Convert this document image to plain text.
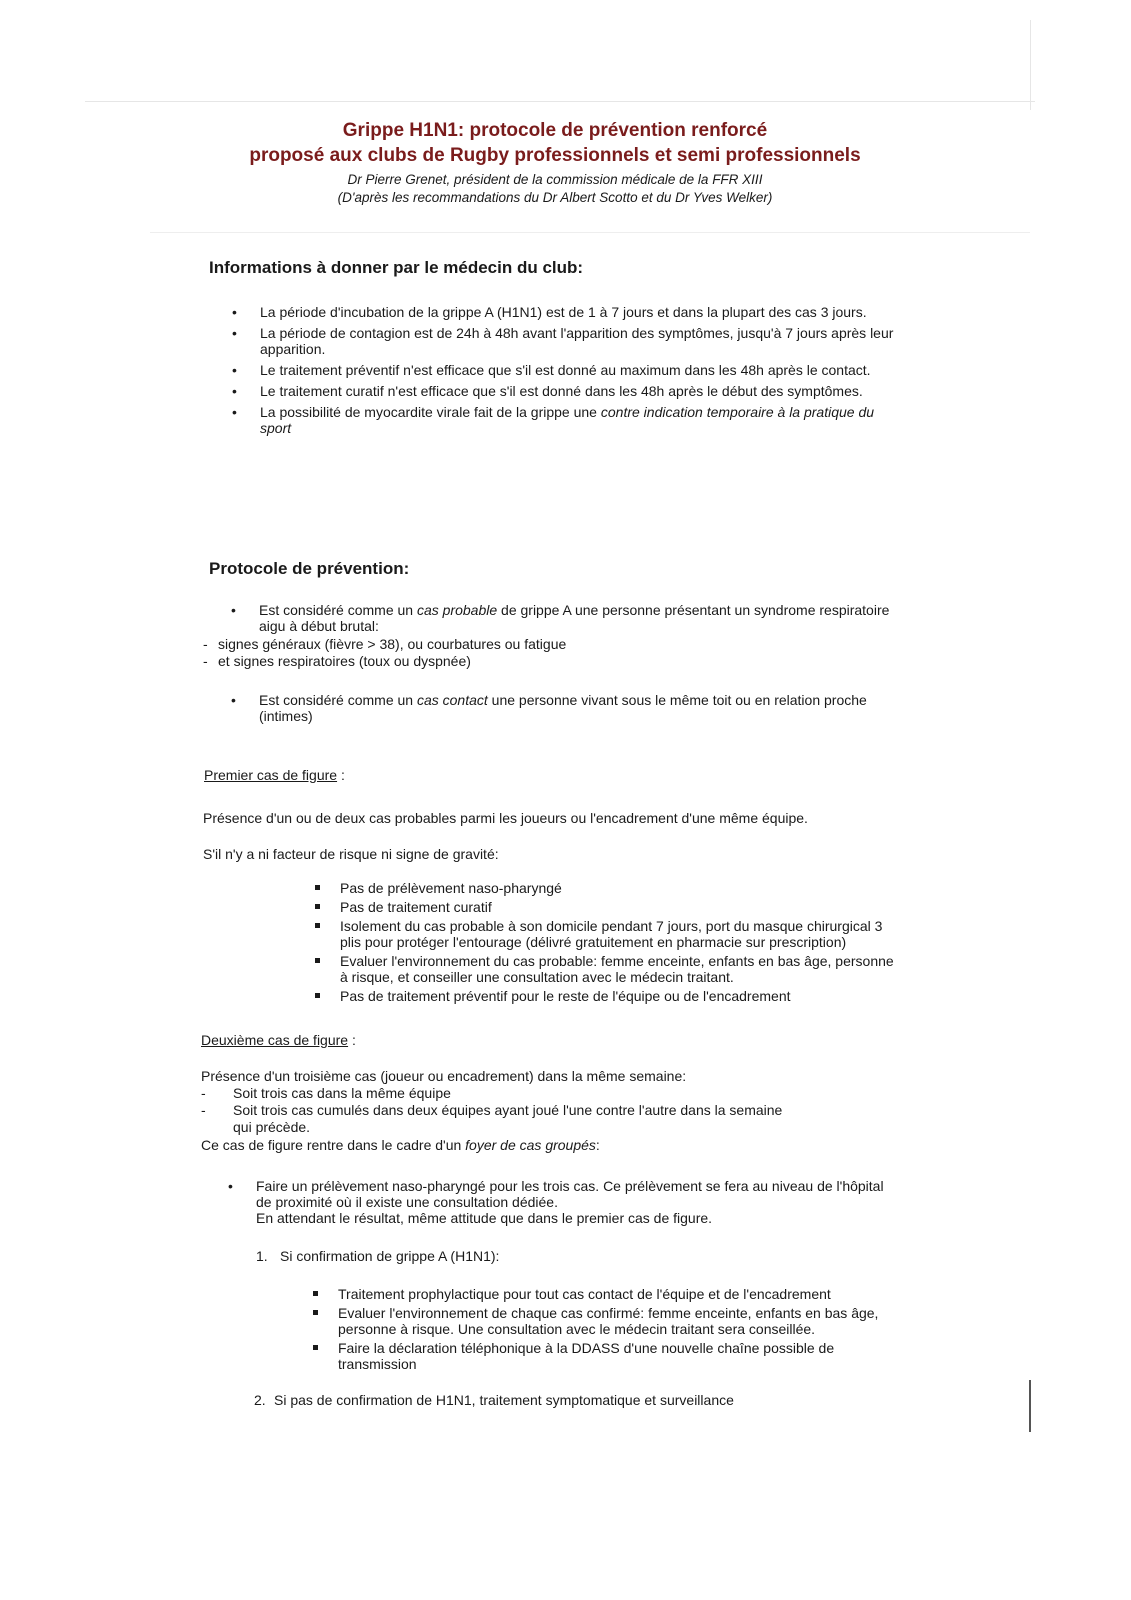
Grippe H1N1: protocole de prévention renforcé

proposé aux clubs de Rugby professionnels et semi professionnels

Dr Pierre Grenet, président de la commission médicale de la FFR XIII

(D'après les recommandations du Dr Albert Scotto et du Dr Yves Welker)

Informations à donner par le médecin du club:

• La période d'incubation de la grippe A (H1N1) est de 1 à 7 jours et dans la plupart des cas 3 jours.
• La période de contagion est de 24h à 48h avant l'apparition des symptômes, jusqu'à 7 jours après leur apparition.
• Le traitement préventif n'est efficace que s'il est donné au maximum dans les 48h après le contact.
• Le traitement curatif n'est efficace que s'il est donné dans les 48h après le début des symptômes.
• La possibilité de myocardite virale fait de la grippe une contre indication temporaire à la pratique du sport

Protocole de prévention:

• Est considéré comme un cas probable de grippe A une personne présentant un syndrome respiratoire aigu à début brutal:

- signes généraux (fièvre > 38), ou courbatures ou fatigue

- et signes respiratoires (toux ou dyspnée)

• Est considéré comme un cas contact une personne vivant sous le même toit ou en relation proche (intimes)

Premier cas de figure :

Présence d'un ou de deux cas probables parmi les joueurs ou l'encadrement d'une même équipe.

S'il n'y a ni facteur de risque ni signe de gravité:

Pas de prélèvement naso-pharyngé
Pas de traitement curatif
Isolement du cas probable à son domicile pendant 7 jours, port du masque chirurgical 3 plis pour protéger l'entourage (délivré gratuitement en pharmacie sur prescription)
Evaluer l'environnement du cas probable: femme enceinte, enfants en bas âge, personne à risque, et conseiller une consultation avec le médecin traitant.
Pas de traitement préventif pour le reste de l'équipe ou de l'encadrement

Deuxième cas de figure :

Présence d'un troisième cas (joueur ou encadrement) dans la même semaine:

- Soit trois cas dans la même équipe

-	Soit trois cas cumulés dans deux équipes ayant joué l'une contre l'autre dans la semaine qui précède.

Ce cas de figure rentre dans le cadre d'un foyer de cas groupés:

• Faire un prélèvement naso-pharyngé pour les trois cas. Ce prélèvement se fera au niveau de l'hôpital de proximité où il existe une consultation dédiée.
En attendant le résultat, même attitude que dans le premier cas de figure.

1. Si confirmation de grippe A (H1N1):

Traitement prophylactique pour tout cas contact de l'équipe et de l'encadrement
Evaluer l'environnement de chaque cas confirmé: femme enceinte, enfants en bas âge, personne à risque. Une consultation avec le médecin traitant sera conseillée.
Faire la déclaration téléphonique à la DDASS d'une nouvelle chaîne possible de transmission

2. Si pas de confirmation de H1N1, traitement symptomatique et surveillance
